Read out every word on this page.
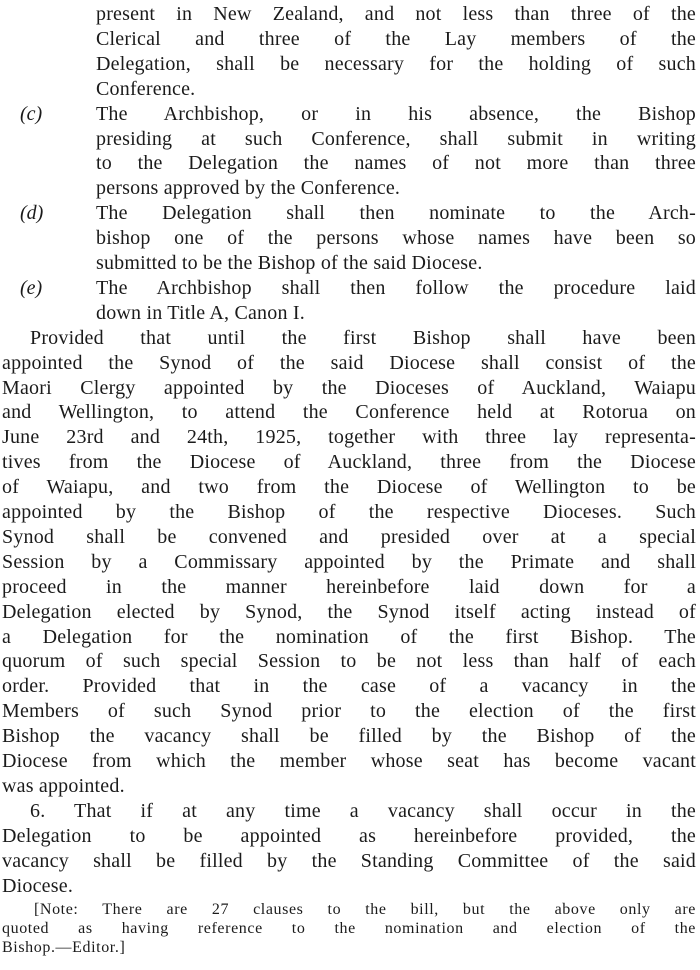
present in New Zealand, and not less than three of the
Clerical and three of the Lay members of the
Delegation, shall be necessary for the holding of such
Conference.
(c)	The Archbishop, or in his absence, the Bishop
presiding at such Conference, shall submit in writing
to the Delegation the names of not more than three
persons approved by the Conference.
(d)	The Delegation shall then nominate to the Arch-
bishop one of the persons whose names have been so
submitted to be the Bishop of the said Diocese.
(e)	The Archbishop shall then follow the procedure laid
down in Title A, Canon I.
Provided that until the first Bishop shall have been
appointed the Synod of the said Diocese shall consist of the
Maori Clergy appointed by the Dioceses of Auckland, Waiapu
and Wellington, to attend the Conference held at Rotorua on
June 23rd and 24th, 1925, together with three lay representa-
tives from the Diocese of Auckland, three from the Diocese
of Waiapu, and two from the Diocese of Wellington to be
appointed by the Bishop of the respective Dioceses. Such
Synod shall be convened and presided over at a special
Session by a Commissary appointed by the Primate and shall
proceed in the manner hereinbefore laid down for a
Delegation elected by Synod, the Synod itself acting instead of
a Delegation for the nomination of the first Bishop. The
quorum of such special Session to be not less than half of each
order. Provided that in the case of a vacancy in the
Members of such Synod prior to the election of the first
Bishop the vacancy shall be filled by the Bishop of the
Diocese from which the member whose seat has become vacant
was appointed.
6. That if at any time a vacancy shall occur in the
Delegation to be appointed as hereinbefore provided, the
vacancy shall be filled by the Standing Committee of the said
Diocese.
[Note: There are 27 clauses to the bill, but the above only are
quoted as having reference to the nomination and election of the
Bishop.—Editor.]
